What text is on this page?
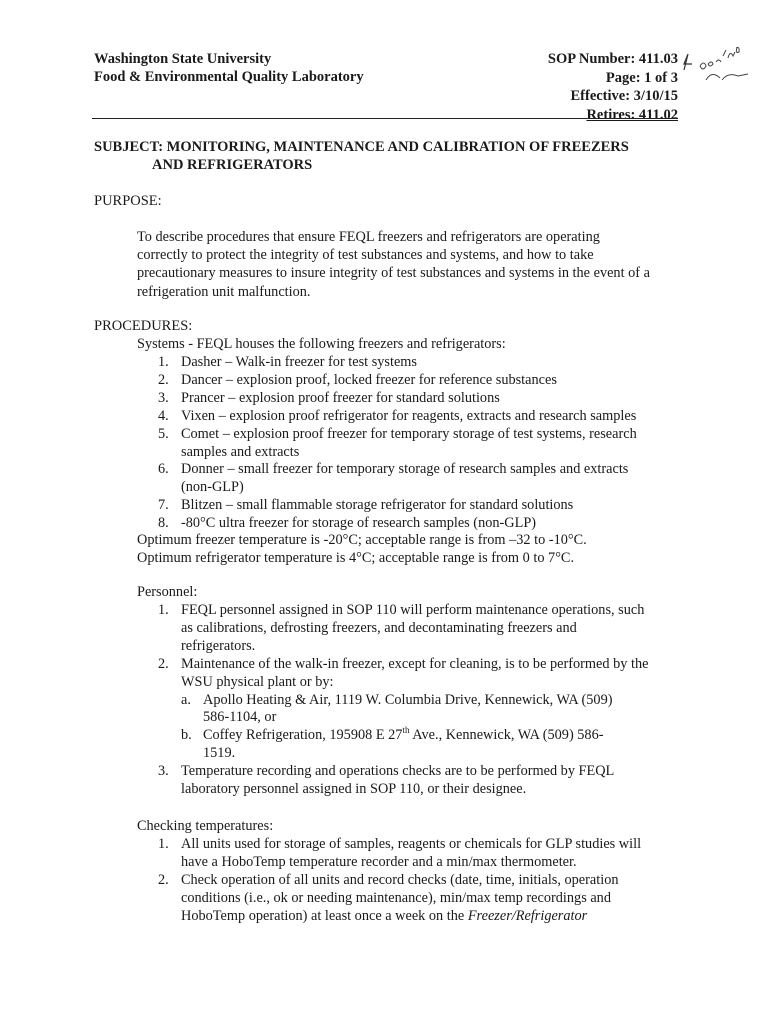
Washington State University
Food & Environmental Quality Laboratory
SOP Number: 411.03
Page: 1 of 3
Effective: 3/10/15
Retires: 411.02
SUBJECT: MONITORING, MAINTENANCE AND CALIBRATION OF FREEZERS
AND REFRIGERATORS
PURPOSE:
To describe procedures that ensure FEQL freezers and refrigerators are operating
correctly to protect the integrity of test substances and systems, and how to take
precautionary measures to insure integrity of test substances and systems in the event of a
refrigeration unit malfunction.
PROCEDURES:
Systems - FEQL houses the following freezers and refrigerators:
1. Dasher – Walk-in freezer for test systems
2. Dancer – explosion proof, locked freezer for reference substances
3. Prancer – explosion proof freezer for standard solutions
4. Vixen – explosion proof refrigerator for reagents, extracts and research samples
5. Comet – explosion proof freezer for temporary storage of test systems, research
samples and extracts
6. Donner – small freezer for temporary storage of research samples and extracts
(non-GLP)
7. Blitzen – small flammable storage refrigerator for standard solutions
8. -80°C ultra freezer for storage of research samples (non-GLP)
Optimum freezer temperature is -20°C; acceptable range is from –32 to -10°C.
Optimum refrigerator temperature is 4°C; acceptable range is from 0 to 7°C.
Personnel:
1. FEQL personnel assigned in SOP 110 will perform maintenance operations, such
as calibrations, defrosting freezers, and decontaminating freezers and
refrigerators.
2. Maintenance of the walk-in freezer, except for cleaning, is to be performed by the
WSU physical plant or by:
a. Apollo Heating & Air, 1119 W. Columbia Drive, Kennewick, WA (509)
586-1104, or
b. Coffey Refrigeration, 195908 E 27th Ave., Kennewick, WA (509) 586-
1519.
3. Temperature recording and operations checks are to be performed by FEQL
laboratory personnel assigned in SOP 110, or their designee.
Checking temperatures:
1. All units used for storage of samples, reagents or chemicals for GLP studies will
have a HoboTemp temperature recorder and a min/max thermometer.
2. Check operation of all units and record checks (date, time, initials, operation
conditions (i.e., ok or needing maintenance), min/max temp recordings and
HoboTemp operation) at least once a week on the Freezer/Refrigerator
